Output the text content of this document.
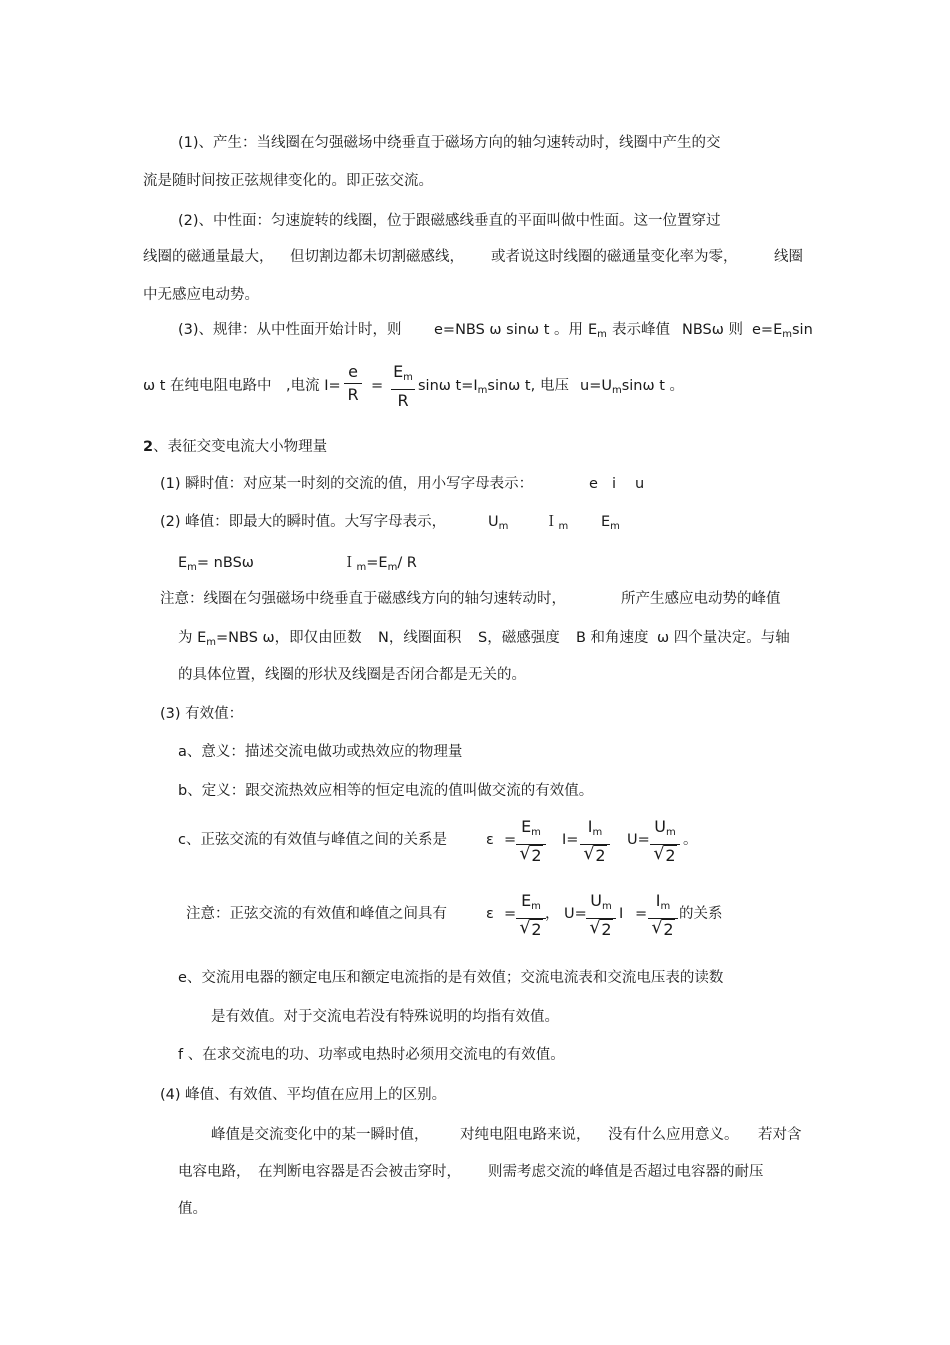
(1)、产生：当线圈在匀强磁场中绕垂直于磁场方向的轴匀速转动时，线圈中产生的交
流是随时间按正弦规律变化的。即正弦交流。
(2)、中性面：匀速旋转的线圈，位于跟磁感线垂直的平面叫做中性面。这一位置穿过
线圈的磁通量最大， 但切割边都未切割磁感线， 或者说这时线圈的磁通量变化率为零，	线圈
中无感应电动势。
(3)、规律：从中性面开始计时，则 e=NBS ω sinω t 。用 $E_m$ 表示峰值 NBSω 则 $e=E_m\sin$
ω t 在纯电阻电路中 ,电流 I=
e
R =
$E_m$
R
sinω $t=I_m\sin\omega$ t, 电压 $u=U_m\sin\omega$ t 。
2、表征交变电流大小物理量
(1) 瞬时值：对应某一时刻的交流的值，用小写字母表示：	e i u
(2) 峰值：即最大的瞬时值。大写字母表示，	$U_m$ Ｉ$_m$ $E_m$
$E_m= nBS\omega$	$I_m=E_m/$ R
注意：线圈在匀强磁场中绕垂直于磁感线方向的轴匀速转动时，	所产生感应电动势的峰值
为 $E_m=NBS$ ω，即仅由匝数 N，线圈面积 S，磁感强度 B 和角速度 ω 四个量决定。与轴
的具体位置，线圈的形状及线圈是否闭合都是无关的。
(3) 有效值：
a、意义：描述交流电做功或热效应的物理量
b、定义：跟交流热效应相等的恒定电流的值叫做交流的有效值。
c、正弦交流的有效值与峰值之间的关系是	ε =
$E_m$
√ 2
I=
$I_m$
√ 2
U=
$U_m$
√ 2
。
注意：正弦交流的有效值和峰值之间具有	ε =
$E_m$
√ 2
， U=
$U_m$
√ 2
I =
$I_m$
√ 2
的关系
e、交流用电器的额定电压和额定电流指的是有效值；交流电流表和交流电压表的读数
是有效值。对于交流电若没有特殊说明的均指有效值。
f 、在求交流电的功、功率或电热时必须用交流电的有效值。
(4) 峰值、有效值、平均值在应用上的区别。
峰值是交流变化中的某一瞬时值， 对纯电阻电路来说， 没有什么应用意义。 若对含
电容电路， 在判断电容器是否会被击穿时， 则需考虑交流的峰值是否超过电容器的耐压
值。
